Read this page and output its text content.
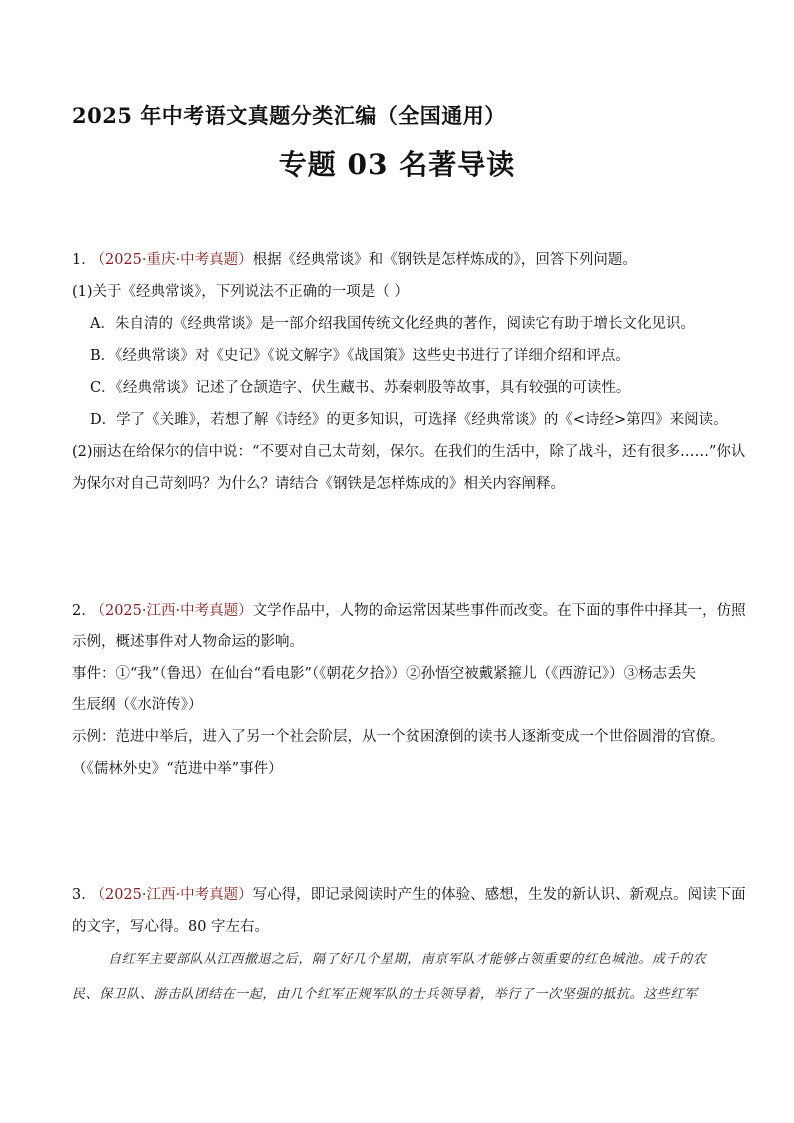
2025 年中考语文真题分类汇编（全国通用）
专题 03 名著导读
1． （2025·重庆·中考真题）根据《经典常谈》和《钢铁是怎样炼成的》，回答下列问题。
(1)关于《经典常谈》，下列说法不正确的一项是（ ）
A．朱自清的《经典常谈》是一部介绍我国传统文化经典的著作，阅读它有助于增长文化见识。
B．《经典常谈》对《史记》《说文解字》《战国策》这些史书进行了详细介绍和评点。
C．《经典常谈》记述了仓颉造字、伏生藏书、苏秦刺股等故事，具有较强的可读性。
D．学了《关雎》，若想了解《诗经》的更多知识，可选择《经典常谈》的《<诗经>第四》来阅读。
(2)丽达在给保尔的信中说：“不要对自己太苛刻，保尔。在我们的生活中，除了战斗，还有很多……”你认
为保尔对自己苛刻吗？为什么？请结合《钢铁是怎样炼成的》相关内容阐释。
2． （2025·江西·中考真题）文学作品中，人物的命运常因某些事件而改变。在下面的事件中择其一，仿照
示例，概述事件对人物命运的影响。
事件：①“我”（鲁迅）在仙台“看电影”（《朝花夕拾》）②孙悟空被戴紧箍儿（《西游记》）③杨志丢失
生辰纲（《水浒传》）
示例：范进中举后，进入了另一个社会阶层，从一个贫困潦倒的读书人逐渐变成一个世俗圆滑的官僚。
（《儒林外史》“范进中举”事件）
3． （2025·江西·中考真题）写心得，即记录阅读时产生的体验、感想，生发的新认识、新观点。阅读下面
的文字，写心得。80 字左右。
自红军主要部队从江西撤退之后，隔了好几个星期，南京军队才能够占领重要的红色城池。成千的农
民、保卫队、游击队团结在一起，由几个红军正规军队的士兵领导着，举行了一次坚强的抵抗。这些红军
